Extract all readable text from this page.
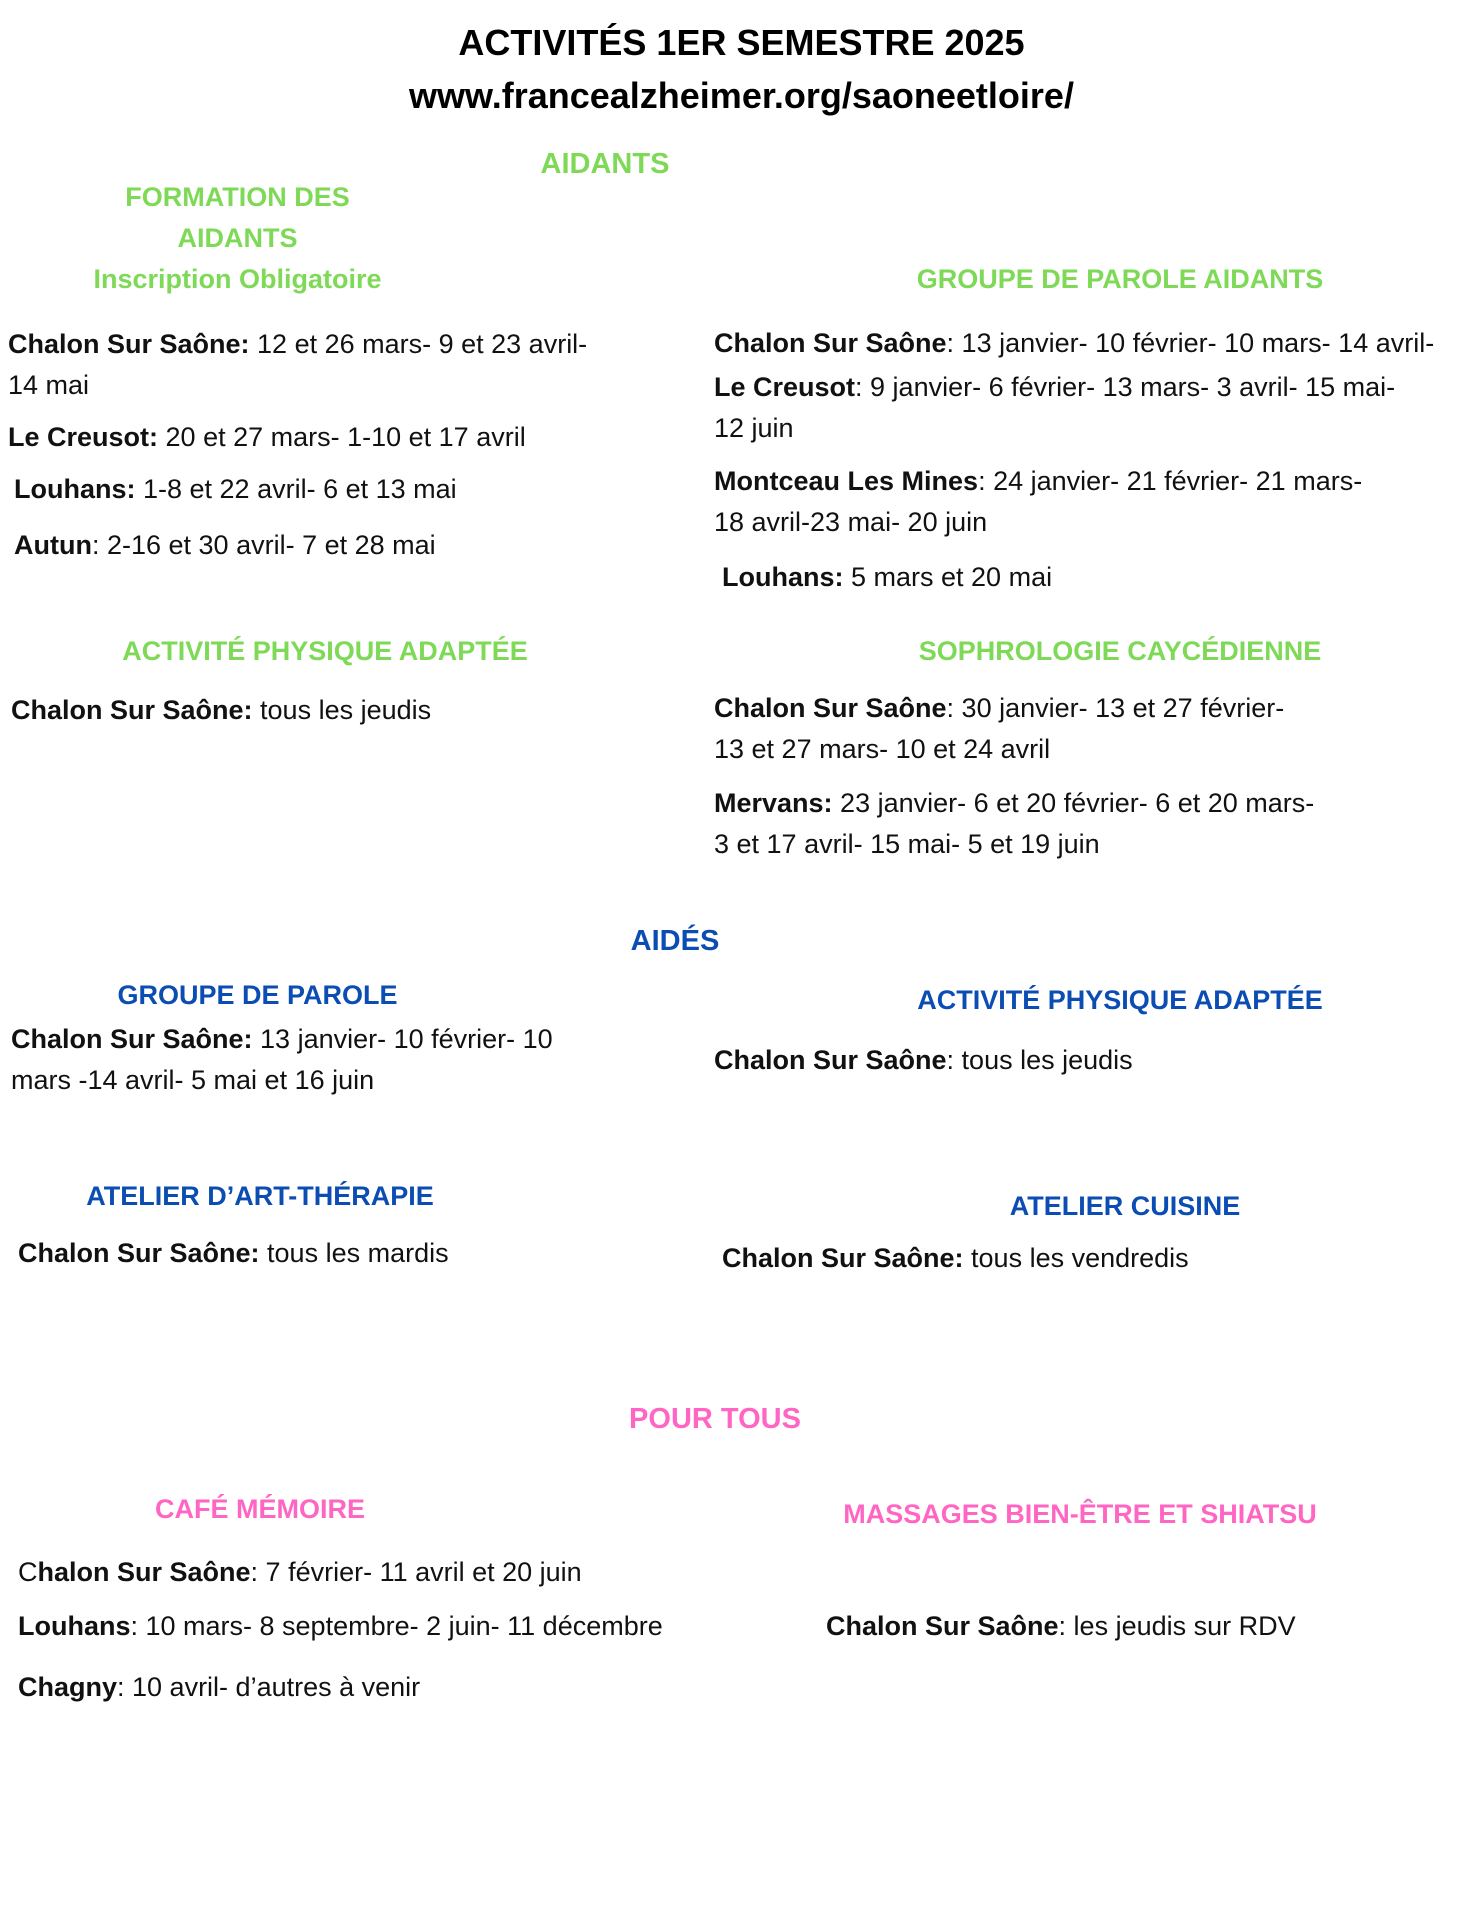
ACTIVITÉS 1ER SEMESTRE 2025
www.francealzheimer.org/saoneetloire/
AIDANTS
FORMATION DES
AIDANTS
Inscription Obligatoire	GROUPE DE PAROLE AIDANTS
Chalon Sur Saône: 12 et 26 mars- 9 et 23 avril-
14 mai
Le Creusot: 20 et 27 mars- 1-10 et 17 avril
Louhans: 1-8 et 22 avril- 6 et 13 mai
Autun: 2-16 et 30 avril- 7 et 28 mai
Chalon Sur Saône: 13 janvier- 10 février- 10 mars- 14 avril-
Le Creusot: 9 janvier- 6 février- 13 mars- 3 avril- 15 mai-
12 juin
Montceau Les Mines: 24 janvier- 21 février- 21 mars-
18 avril-23 mai- 20 juin
Louhans: 5 mars et 20 mai
ACTIVITÉ PHYSIQUE ADAPTÉE	SOPHROLOGIE CAYCÉDIENNE
Chalon Sur Saône: tous les jeudis	Chalon Sur Saône: 30 janvier- 13 et 27 février-
13 et 27 mars- 10 et 24 avril
Mervans: 23 janvier- 6 et 20 février- 6 et 20 mars-
3 et 17 avril- 15 mai- 5 et 19 juin
AIDÉS
GROUPE DE PAROLE	ACTIVITÉ PHYSIQUE ADAPTÉE
Chalon Sur Saône: 13 janvier- 10 février- 10
mars -14 avril- 5 mai et 16 juin
Chalon Sur Saône: tous les jeudis
ATELIER D’ART-THÉRAPIE	ATELIER CUISINE
Chalon Sur Saône: tous les mardis	Chalon Sur Saône: tous les vendredis
POUR TOUS
CAFÉ MÉMOIRE	MASSAGES BIEN-ÊTRE ET SHIATSU
Chalon Sur Saône: 7 février- 11 avril et 20 juin
Louhans: 10 mars- 8 septembre- 2 juin- 11 décembre
Chagny: 10 avril- d’autres à venir
Chalon Sur Saône: les jeudis sur RDV
